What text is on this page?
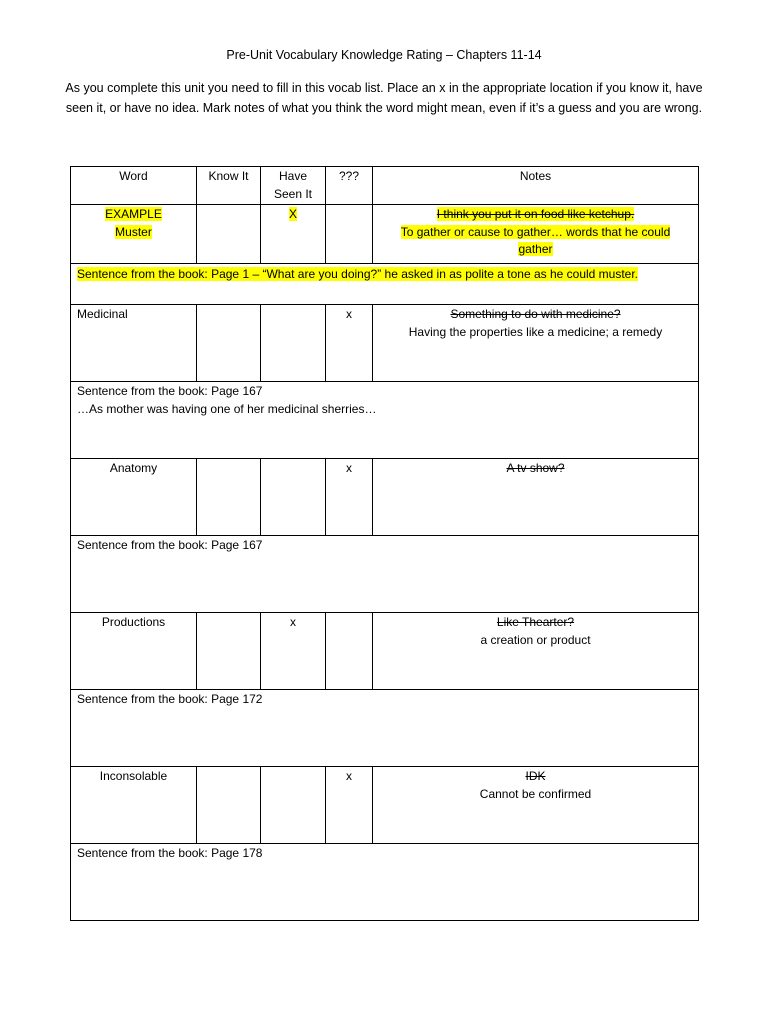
Pre-Unit Vocabulary Knowledge Rating – Chapters 11-14
As you complete this unit you need to fill in this vocab list. Place an x in the appropriate location if you know it, have seen it, or have no idea. Mark notes of what you think the word might mean, even if it’s a guess and you are wrong.
Word	Know It	Have Seen It	???	Notes
EXAMPLE
Muster		X		I think you put it on food like ketchup.
To gather or cause to gather… words that he could
gather
Sentence from the book: Page 1 – “What are you doing?” he asked in as polite a tone as he could muster.				
Medicinal			x	Something to do with medicine?
Having the properties like a medicine; a remedy
Sentence from the book: Page 167
…As mother was having one of her medicinal sherries…				
Anatomy			x	A tv show?

Sentence from the book: Page 167				

Productions		x		Like Thearter?
a creation or product
Sentence from the book: Page 172				

Inconsolable			x	IDK
Cannot be confirmed
Sentence from the book: Page 178				
